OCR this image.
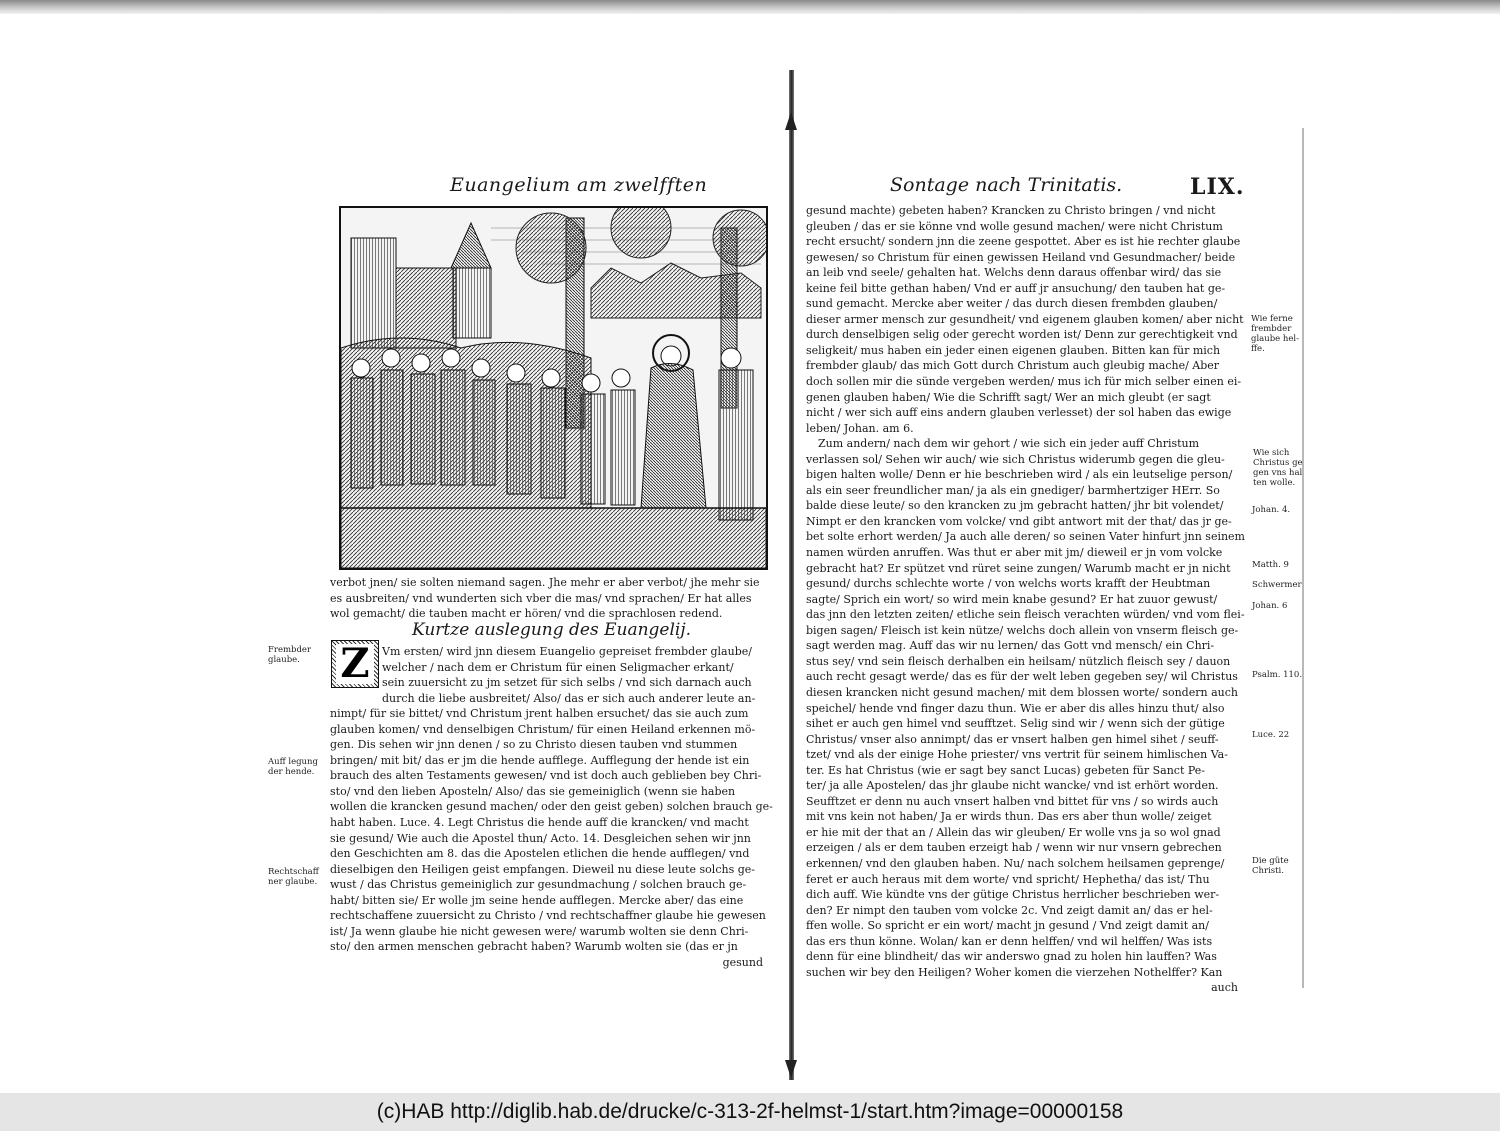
Euangelium am zwelfften	Sontage nach Trinitatis.	LIX.
verbot jnen/ sie solten niemand sagen. Jhe mehr er aber verbot/ jhe mehr sie
es ausbreiten/ vnd wunderten sich vber die mas/ vnd sprachen/ Er hat alles
wol gemacht/ die tauben macht er hören/ vnd die sprachlosen redend.
Kurtze auslegung des Euangelij.
Z	Vm ersten/ wird jnn diesem Euangelio gepreiset frembder glaube/
welcher / nach dem er Christum für einen Seligmacher erkant/
sein zuuersicht zu jm setzet für sich selbs / vnd sich darnach auch
durch die liebe ausbreitet/ Also/ das er sich auch anderer leute an-
nimpt/ für sie bittet/ vnd Christum jrent halben ersuchet/ das sie auch zum
glauben komen/ vnd denselbigen Christum/ für einen Heiland erkennen mö-
gen. Dis sehen wir jnn denen / so zu Christo diesen tauben vnd stummen
bringen/ mit bit/ das er jm die hende aufflege. Aufflegung der hende ist ein
brauch des alten Testaments gewesen/ vnd ist doch auch geblieben bey Chri-
sto/ vnd den lieben Aposteln/ Also/ das sie gemeiniglich (wenn sie haben
wollen die krancken gesund machen/ oder den geist geben) solchen brauch ge-
habt haben. Luce. 4. Legt Christus die hende auff die krancken/ vnd macht
sie gesund/ Wie auch die Apostel thun/ Acto. 14. Desgleichen sehen wir jnn
den Geschichten am 8. das die Apostelen etlichen die hende aufflegen/ vnd
dieselbigen den Heiligen geist empfangen. Dieweil nu diese leute solchs ge-
wust / das Christus gemeiniglich zur gesundmachung / solchen brauch ge-
habt/ bitten sie/ Er wolle jm seine hende aufflegen. Mercke aber/ das eine
rechtschaffene zuuersicht zu Christo / vnd rechtschaffner glaube hie gewesen
ist/ Ja wenn glaube hie nicht gewesen were/ warumb wolten sie denn Chri-
sto/ den armen menschen gebracht haben? Warumb wolten sie (das er jn
gesund
gesund machte) gebeten haben? Krancken zu Christo bringen / vnd nicht
gleuben / das er sie könne vnd wolle gesund machen/ were nicht Christum
recht ersucht/ sondern jnn die zeene gespottet. Aber es ist hie rechter glaube
gewesen/ so Christum für einen gewissen Heiland vnd Gesundmacher/ beide
an leib vnd seele/ gehalten hat. Welchs denn daraus offenbar wird/ das sie
keine feil bitte gethan haben/ Vnd er auff jr ansuchung/ den tauben hat ge-
sund gemacht. Mercke aber weiter / das durch diesen frembden glauben/
dieser armer mensch zur gesundheit/ vnd eigenem glauben komen/ aber nicht
durch denselbigen selig oder gerecht worden ist/ Denn zur gerechtigkeit vnd
seligkeit/ mus haben ein jeder einen eigenen glauben. Bitten kan für mich
frembder glaub/ das mich Gott durch Christum auch gleubig mache/ Aber
doch sollen mir die sünde vergeben werden/ mus ich für mich selber einen ei-
genen glauben haben/ Wie die Schrifft sagt/ Wer an mich gleubt (er sagt
nicht / wer sich auff eins andern glauben verlesset) der sol haben das ewige
leben/ Johan. am 6.
Zum andern/ nach dem wir gehort / wie sich ein jeder auff Christum
verlassen sol/ Sehen wir auch/ wie sich Christus widerumb gegen die gleu-
bigen halten wolle/ Denn er hie beschrieben wird / als ein leutselige person/
als ein seer freundlicher man/ ja als ein gnediger/ barmhertziger HErr. So
balde diese leute/ so den krancken zu jm gebracht hatten/ jhr bit volendet/
Nimpt er den krancken vom volcke/ vnd gibt antwort mit der that/ das jr ge-
bet solte erhort werden/ Ja auch alle deren/ so seinen Vater hinfurt jnn seinem
namen würden anruffen. Was thut er aber mit jm/ dieweil er jn vom volcke
gebracht hat? Er spützet vnd rüret seine zungen/ Warumb macht er jn nicht
gesund/ durchs schlechte worte / von welchs worts krafft der Heubtman
sagte/ Sprich ein wort/ so wird mein knabe gesund? Er hat zuuor gewust/
das jnn den letzten zeiten/ etliche sein fleisch verachten würden/ vnd vom flei-
bigen sagen/ Fleisch ist kein nütze/ welchs doch allein von vnserm fleisch ge-
sagt werden mag. Auff das wir nu lernen/ das Gott vnd mensch/ ein Chri-
stus sey/ vnd sein fleisch derhalben ein heilsam/ nützlich fleisch sey / dauon
auch recht gesagt werde/ das es für der welt leben gegeben sey/ wil Christus
diesen krancken nicht gesund machen/ mit dem blossen worte/ sondern auch
speichel/ hende vnd finger dazu thun. Wie er aber dis alles hinzu thut/ also
sihet er auch gen himel vnd seufftzet. Selig sind wir / wenn sich der gütige
Christus/ vnser also annimpt/ das er vnsert halben gen himel sihet / seuff-
tzet/ vnd als der einige Hohe priester/ vns vertrit für seinem himlischen Va-
ter. Es hat Christus (wie er sagt bey sanct Lucas) gebeten für Sanct Pe-
ter/ ja alle Apostelen/ das jhr glaube nicht wancke/ vnd ist erhört worden.
Seufftzet er denn nu auch vnsert halben vnd bittet für vns / so wirds auch
mit vns kein not haben/ Ja er wirds thun. Das ers aber thun wolle/ zeiget
er hie mit der that an / Allein das wir gleuben/ Er wolle vns ja so wol gnad
erzeigen / als er dem tauben erzeigt hab / wenn wir nur vnsern gebrechen
erkennen/ vnd den glauben haben. Nu/ nach solchem heilsamen geprenge/
feret er auch heraus mit dem worte/ vnd spricht/ Hephetha/ das ist/ Thu
dich auff. Wie kündte vns der gütige Christus herrlicher beschrieben wer-
den? Er nimpt den tauben vom volcke 2c. Vnd zeigt damit an/ das er hel-
ffen wolle. So spricht er ein wort/ macht jn gesund / Vnd zeigt damit an/
das ers thun könne. Wolan/ kan er denn helffen/ vnd wil helffen/ Was ists
denn für eine blindheit/ das wir anderswo gnad zu holen hin lauffen? Was
suchen wir bey den Heiligen? Woher komen die vierzehen Nothelffer? Kan
auch
Frembder
glaube.
Auff legung
der hende.
Rechtschaff
ner glaube.
Wie ferne
frembder
glaube hel-
ffe.
Wie sich
Christus ge
gen vns hal
ten wolle.
Johan. 4.
Matth. 9
Schwermer
Johan. 6
Psalm. 110.
Luce. 22
Die güte
Christi.
(c)HAB http://diglib.hab.de/drucke/c-313-2f-helmst-1/start.htm?image=00000158
